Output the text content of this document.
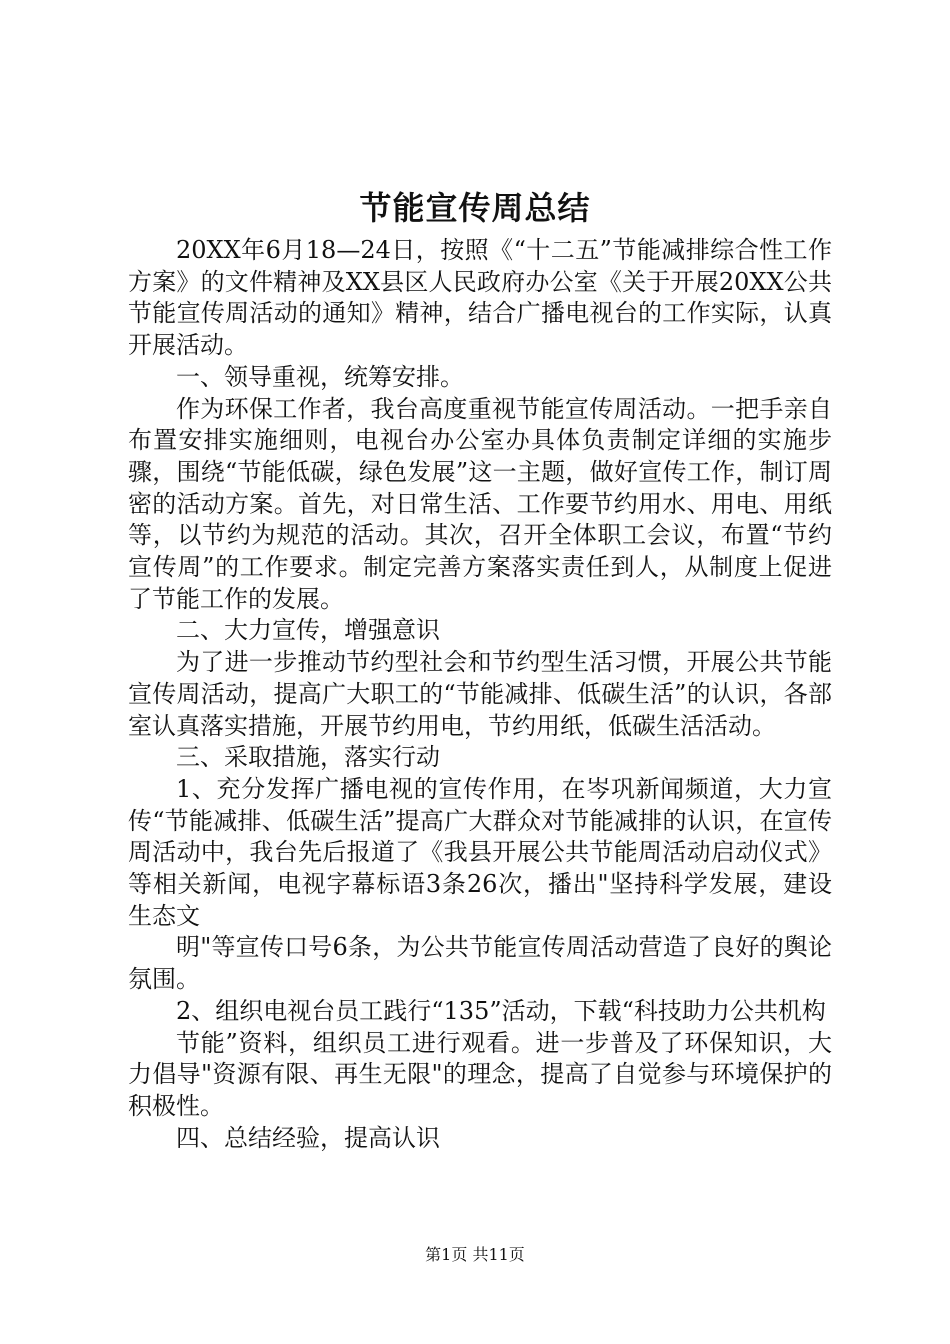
节能宣传周总结

20XX年6月18—24日，按照《“十二五”节能减排综合性工作方案》的文件精神及XX县区人民政府办公室《关于开展20XX公共节能宣传周活动的通知》精神，结合广播电视台的工作实际，认真开展活动。

一、领导重视，统筹安排。

作为环保工作者，我台高度重视节能宣传周活动。一把手亲自布置安排实施细则，电视台办公室办具体负责制定详细的实施步骤，围绕“节能低碳，绿色发展”这一主题，做好宣传工作，制订周密的活动方案。首先，对日常生活、工作要节约用水、用电、用纸等，以节约为规范的活动。其次，召开全体职工会议，布置“节约宣传周”的工作要求。制定完善方案落实责任到人，从制度上促进了节能工作的发展。

二、大力宣传，增强意识

为了进一步推动节约型社会和节约型生活习惯，开展公共节能宣传周活动，提高广大职工的“节能减排、低碳生活”的认识，各部室认真落实措施，开展节约用电，节约用纸，低碳生活活动。

三、采取措施，落实行动

1、充分发挥广播电视的宣传作用，在岑巩新闻频道，大力宣传“节能减排、低碳生活”提高广大群众对节能减排的认识，在宣传周活动中，我台先后报道了《我县开展公共节能周活动启动仪式》等相关新闻，电视字幕标语3条26次，播出"坚持科学发展，建设生态文

明"等宣传口号6条，为公共节能宣传周活动营造了良好的舆论氛围。

2、组织电视台员工践行“135”活动，下载“科技助力公共机构

节能”资料，组织员工进行观看。进一步普及了环保知识，大力倡导"资源有限、再生无限"的理念，提高了自觉参与环境保护的积极性。

四、总结经验，提高认识

第1页 共11页
